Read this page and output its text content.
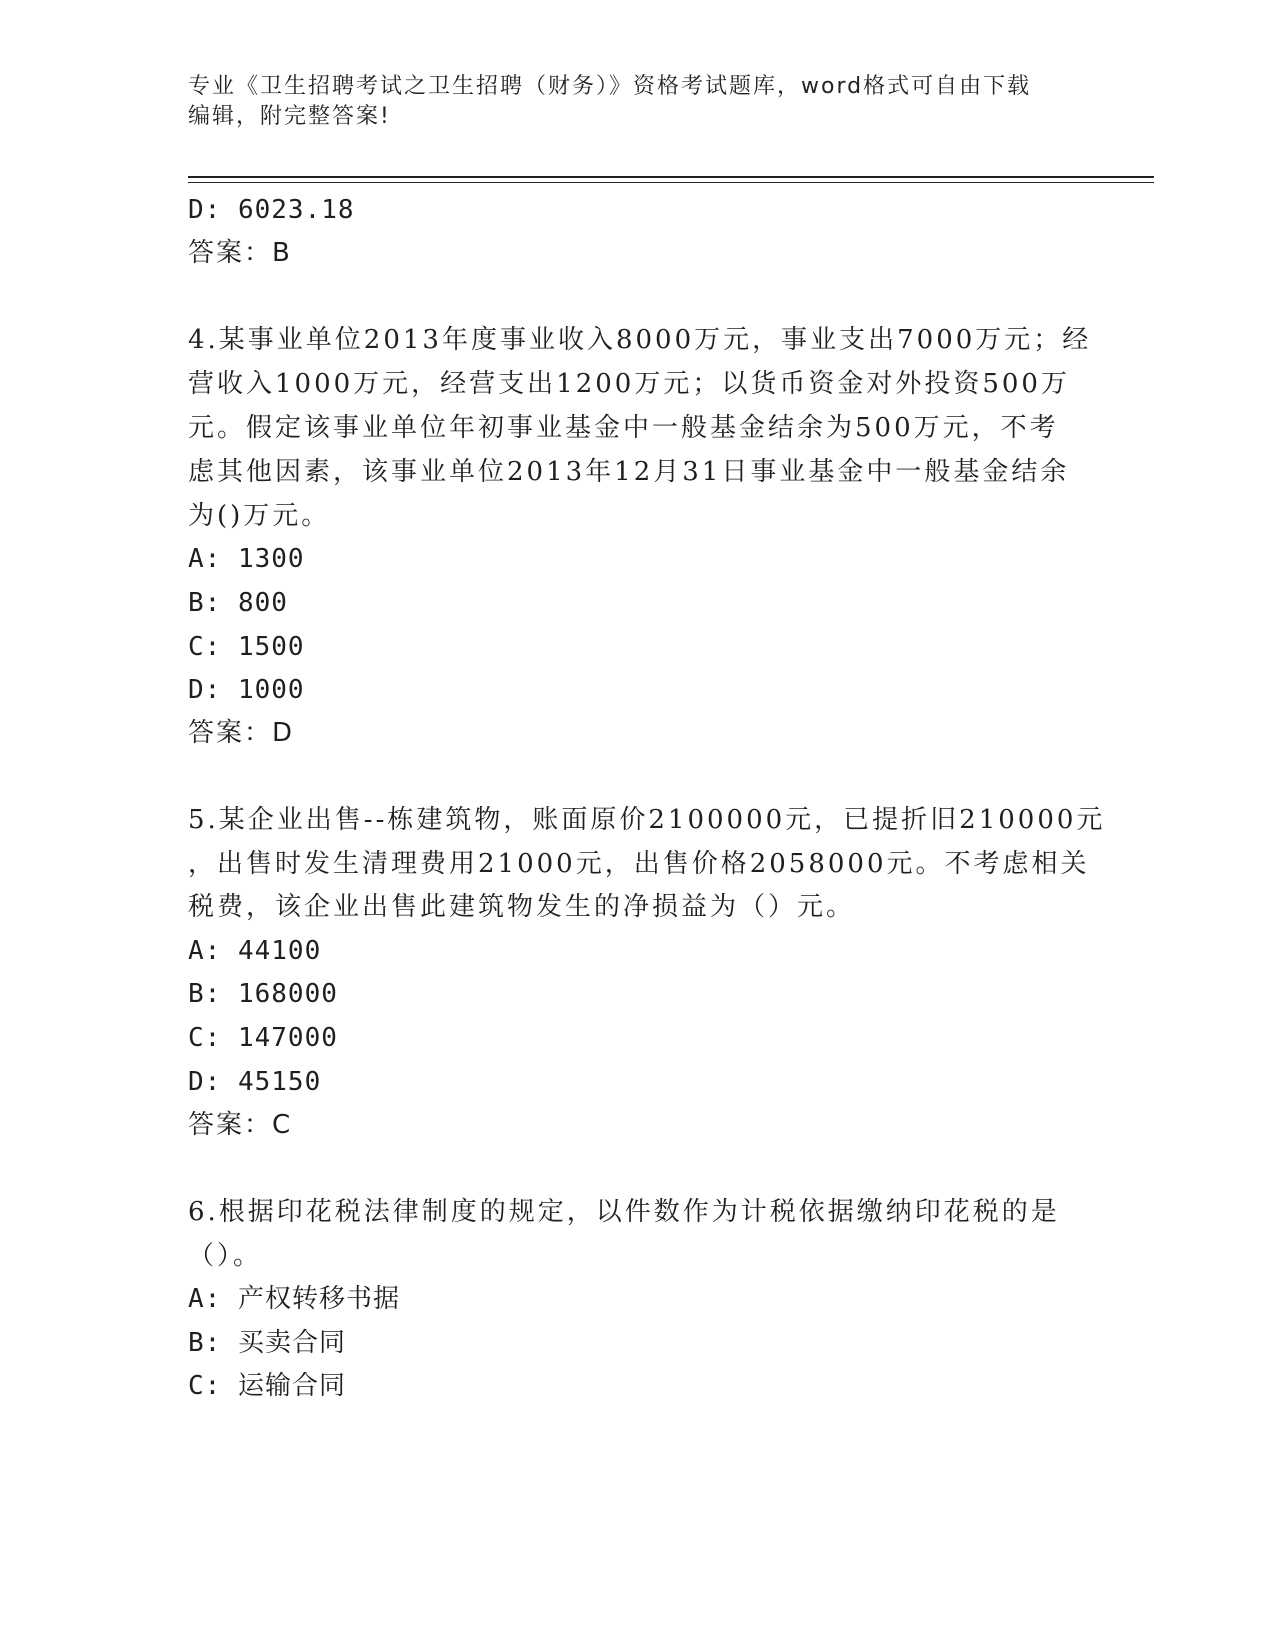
专业《卫生招聘考试之卫生招聘（财务）》资格考试题库，word格式可自由下载
编辑，附完整答案!
D: 6023.18
答案：B
4.某事业单位2013年度事业收入8000万元，事业支出7000万元；经
营收入1000万元，经营支出1200万元；以货币资金对外投资500万
元。假定该事业单位年初事业基金中一般基金结余为500万元，不考
虑其他因素，该事业单位2013年12月31日事业基金中一般基金结余
为()万元。
A: 1300
B: 800
C: 1500
D: 1000
答案：D
5.某企业出售--栋建筑物，账面原价2100000元，已提折旧210000元
，出售时发生清理费用21000元，出售价格2058000元。不考虑相关
税费，该企业出售此建筑物发生的净损益为（）元。
A: 44100
B: 168000
C: 147000
D: 45150
答案：C
6.根据印花税法律制度的规定，以件数作为计税依据缴纳印花税的是
（）。
A: 产权转移书据
B: 买卖合同
C: 运输合同
